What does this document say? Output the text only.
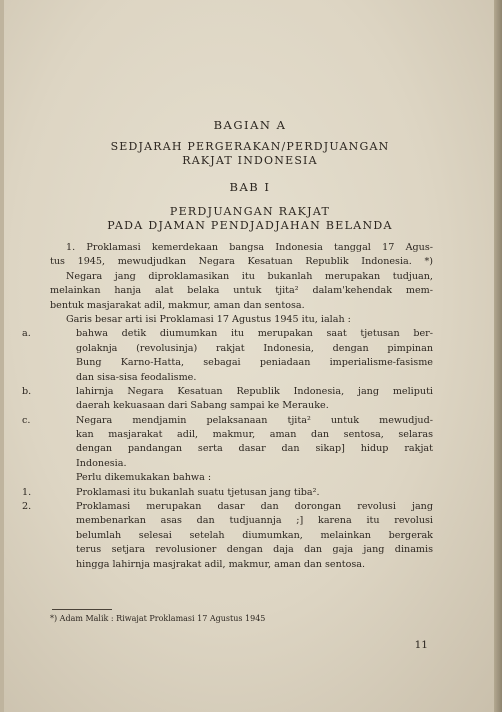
BAGIAN A
SEDJARAH PERGERAKAN/PERDJUANGAN
RAKJAT INDONESIA
BAB I
PERDJUANGAN RAKJAT
PADA DJAMAN PENDJADJAHAN BELANDA
1. Proklamasi kemerdekaan bangsa Indonesia tanggal 17 Agus-
tus 1945, mewudjudkan Negara Kesatuan Republik Indonesia. *)
Negara jang diproklamasikan itu bukanlah merupakan tudjuan,
melainkan hanja alat belaka untuk tjita² dalam'kehendak mem-
bentuk masjarakat adil, makmur, aman dan sentosa.
Garis besar arti isi Proklamasi 17 Agustus 1945 itu, ialah :
a.	bahwa detik diumumkan itu merupakan saat tjetusan ber-
golaknja (revolusinja) rakjat Indonesia, dengan pimpinan
Bung Karno-Hatta, sebagai peniadaan imperialisme-fasisme
dan sisa-sisa feodalisme.
b.	lahirnja Negara Kesatuan Republik Indonesia, jang meliputi
daerah kekuasaan dari Sabang sampai ke Merauke.
c.	Negara mendjamin pelaksanaan tjita² untuk mewudjud-
kan masjarakat adil, makmur, aman dan sentosa, selaras
dengan pandangan serta dasar dan sikap] hidup rakjat
Indonesia.
Perlu dikemukakan bahwa :
1.	Proklamasi itu bukanlah suatu tjetusan jang tiba².
2.	Proklamasi merupakan dasar dan dorongan revolusi jang
membenarkan asas dan tudjuannja ;] karena itu revolusi
belumlah selesai setelah diumumkan, melainkan bergerak
terus setjara revolusioner dengan daja dan gaja jang dinamis
hingga lahirnja masjrakat adil, makmur, aman dan sentosa.
*) Adam Malik : Riwajat Proklamasi 17 Agustus 1945
11
